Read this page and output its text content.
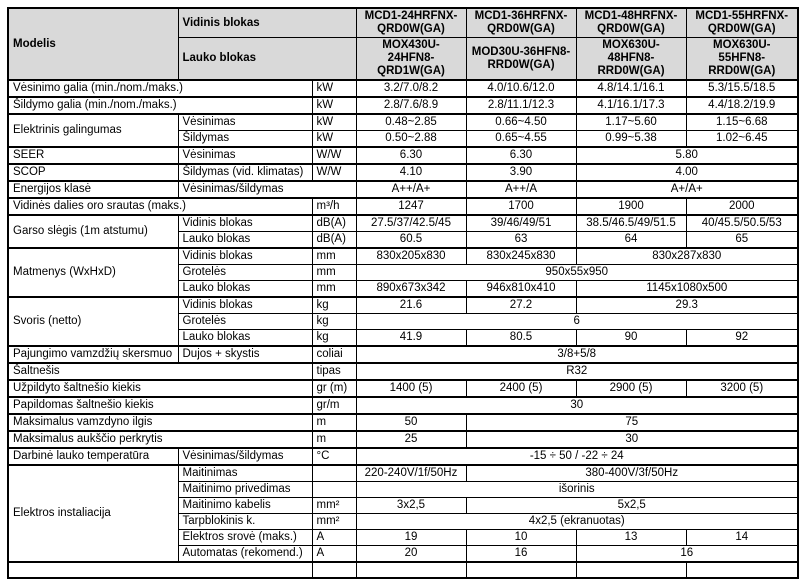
Modelis	Vidinis blokas		MCD1-24HRFNX-QRD0W(GA)	MCD1-36HRFNX-QRD0W(GA)	MCD1-48HRFNX-QRD0W(GA)	MCD1-55HRFNX-QRD0W(GA)
	Lauko blokas		MOX430U-24HFN8-QRD1W(GA)	MOD30U-36HFN8-RRD0W(GA)	MOX630U-48HFN8-RRD0W(GA)	MOX630U-55HFN8-RRD0W(GA)
Vėsinimo galia (min./nom./maks.)		kW	3.2/7.0/8.2	4.0/10.6/12.0	4.8/14.1/16.1	5.3/15.5/18.5
Šildymo galia (min./nom./maks.)		kW	2.8/7.6/8.9	2.8/11.1/12.3	4.1/16.1/17.3	4.4/18.2/19.9
Elektrinis galingumas	Vėsinimas	kW	0.48~2.85	0.66~4.50	1.17~5.60	1.15~6.68
	Šildymas	kW	0.50~2.88	0.65~4.55	0.99~5.38	1.02~6.45
SEER	Vėsinimas	W/W	6.30	6.30	5.80	
SCOP	Šildymas (vid. klimatas)	W/W	4.10	3.90	4.00	
Energijos klasė	Vėsinimas/šildymas		A++/A+	A++/A	A+/A+	
Vidinės dalies oro srautas (maks.)		m³/h	1247	1700	1900	2000
Garso slėgis (1m atstumu)	Vidinis blokas	dB(A)	27.5/37/42.5/45	39/46/49/51	38.5/46.5/49/51.5	40/45.5/50.5/53
	Lauko blokas	dB(A)	60.5	63	64	65
Matmenys (WxHxD)	Vidinis blokas	mm	830x205x830	830x245x830	830x287x830	
	Grotelės	mm	950x55x950			
	Lauko blokas	mm	890x673x342	946x810x410	1145x1080x500	
Svoris (netto)	Vidinis blokas	kg	21.6	27.2	29.3	
	Grotelės	kg	6			
	Lauko blokas	kg	41.9	80.5	90	92
Pajungimo vamzdžių skersmuo	Dujos + skystis	coliai	3/8+5/8			
Šaltnešis		tipas	R32			
Užpildyto šaltnešio kiekis		gr (m)	1400 (5)	2400 (5)	2900 (5)	3200 (5)
Papildomas šaltnešio kiekis		gr/m	30			
Maksimalus vamzdyno ilgis		m	50	75		
Maksimalus aukščio perkrytis		m	25	30		
Darbinė lauko temperatūra	Vėsinimas/šildymas	°C	-15 ÷ 50 / -22 ÷ 24			
Elektros instaliacija	Maitinimas		220-240V/1f/50Hz	380-400V/3f/50Hz		
	Maitinimo privedimas		išorinis			
	Maitinimo kabelis	mm²	3x2,5	5x2,5		
	Tarpblokinis k.	mm²	4x2,5 (ekranuotas)			
	Elektros srovė (maks.)	A	19	10	13	14
	Automatas (rekomend.)	A	20	16	16	
